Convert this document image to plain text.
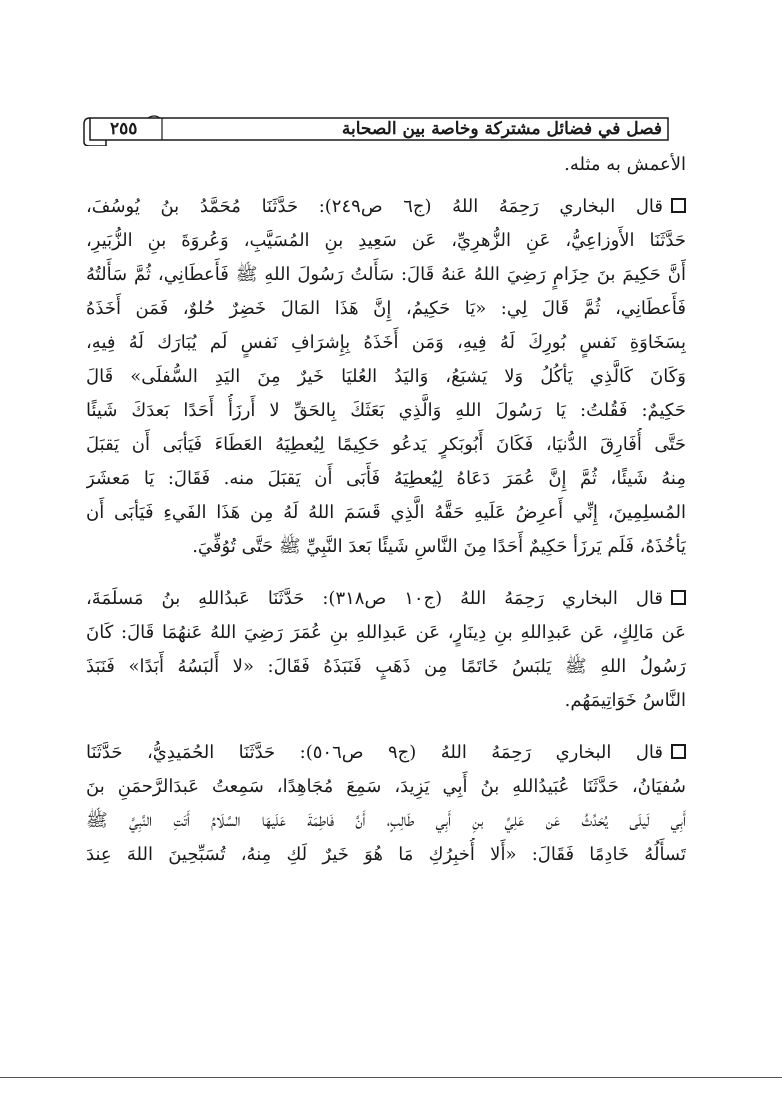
فصل في فضائل مشتركة وخاصة بين الصحابة
٢٥٥
الأعمش به مثله.
قال البخاري رَحِمَهُ اللهُ (ج٦ ص٢٤٩): حَدَّثَنَا مُحَمَّدُ بنُ يُوسُفَ،
حَدَّثَنَا الأَوزاعِيُّ، عَنِ الزُّهرِيِّ، عَن سَعِيدِ بنِ المُسَيَّبِ، وَعُروَةَ بنِ الزُّبَيرِ،
أَنَّ حَكِيمَ بنَ حِزَامٍ رَضِيَ اللهُ عَنهُ قَالَ: سَأَلتُ رَسُولَ اللهِ ﷺ فَأَعطَانِي، ثُمَّ سَأَلتُهُ
فَأَعطَانِي، ثُمَّ قَالَ لِي: «يَا حَكِيمُ، إِنَّ هَذَا المَالَ خَضِرٌ حُلوٌ، فَمَن أَخَذَهُ
بِسَخَاوَةِ نَفسٍ بُورِكَ لَهُ فِيهِ، وَمَن أَخَذَهُ بِإِشرَافِ نَفسٍ لَم يُبَارَك لَهُ فِيهِ،
وَكَانَ كَالَّذِي يَأكُلُ وَلا يَشبَعُ، وَاليَدُ العُليَا خَيرٌ مِنَ اليَدِ السُّفلَى» قَالَ
حَكِيمٌ: فَقُلتُ: يَا رَسُولَ اللهِ وَالَّذِي بَعَثَكَ بِالحَقِّ لا أَرزَأُ أَحَدًا بَعدَكَ شَيئًا
حَتَّى أُفَارِقَ الدُّنيَا، فَكَانَ أَبُوبَكرٍ يَدعُو حَكِيمًا لِيُعطِيَهُ العَطَاءَ فَيَأبَى أَن يَقبَلَ
مِنهُ شَيئًا، ثُمَّ إِنَّ عُمَرَ دَعَاهُ لِيُعطِيَهُ فَأَبَى أَن يَقبَلَ منه. فَقَالَ: يَا مَعشَرَ
المُسلِمِينَ، إِنِّي أَعرِضُ عَلَيهِ حَقَّهُ الَّذِي قَسَمَ اللهُ لَهُ مِن هَذَا الفَيءِ فَيَأبَى أَن
يَأخُذَهُ، فَلَم يَرزَأ حَكِيمٌ أَحَدًا مِنَ النَّاسِ شَيئًا بَعدَ النَّبِيِّ ﷺ حَتَّى تُوُفِّيَ.
قال البخاري رَحِمَهُ اللهُ (ج١٠ ص٣١٨): حَدَّثَنَا عَبدُاللهِ بنُ مَسلَمَةَ،
عَن مَالِكٍ، عَن عَبدِاللهِ بنِ دِينَارٍ، عَن عَبدِاللهِ بنِ عُمَرَ رَضِيَ اللهُ عَنهُمَا قَالَ: كَانَ
رَسُولُ اللهِ ﷺ يَلبَسُ خَاتَمًا مِن ذَهَبٍ فَنَبَذَهُ فَقَالَ: «لا أَلبَسُهُ أَبَدًا» فَنَبَذَ
النَّاسُ خَوَاتِيمَهُم.
قال البخاري رَحِمَهُ اللهُ (ج٩ ص٥٠٦): حَدَّثَنَا الحُمَيدِيُّ، حَدَّثَنَا
سُفيَانُ، حَدَّثَنَا عُبَيدُاللهِ بنُ أَبِي يَزِيدَ، سَمِعَ مُجَاهِدًا، سَمِعتُ عَبدَالرَّحمَنِ بنَ
أَبِي لَيلَى يُحَدِّثُ عَن عَلِيِّ بنِ أَبِي طَالِبٍ، أَنَّ فَاطِمَةَ عَلَيهَا السَّلَامُ أَتَتِ النَّبِيَّ ﷺ
تَسأَلُهُ خَادِمًا فَقَالَ: «أَلا أُخبِرُكِ مَا هُوَ خَيرٌ لَكِ مِنهُ، تُسَبِّحِينَ اللهَ عِندَ
